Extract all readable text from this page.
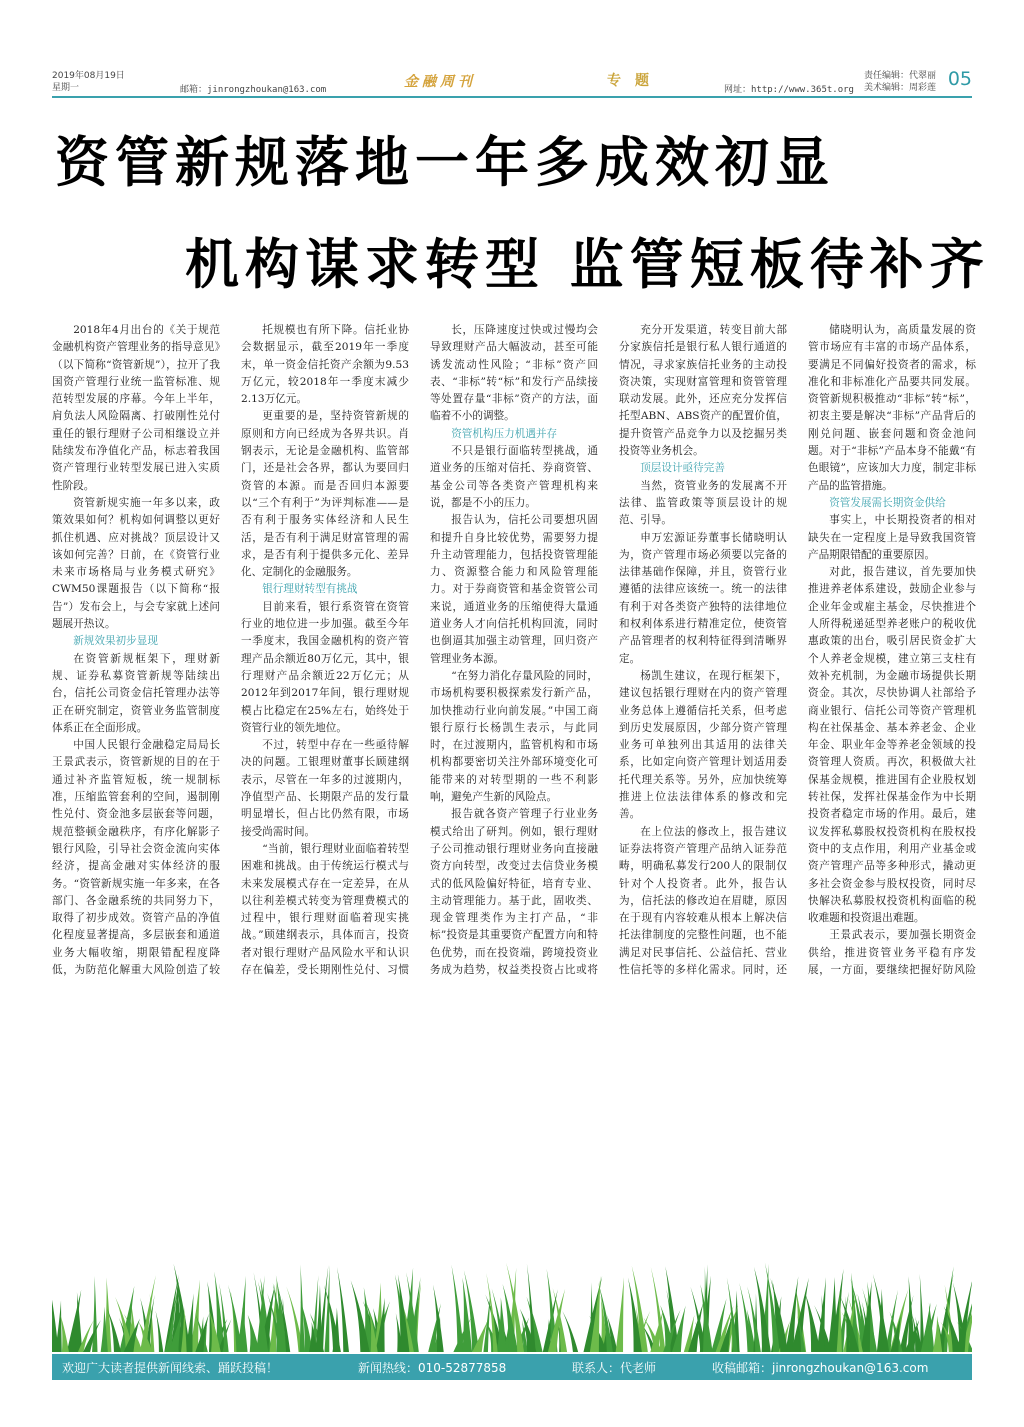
2019年08月19日
星期一	邮箱：jinrongzhoukan@163.com	金融周刊	专题
网址：http://www.365t.org
责任编辑：代翠丽
美术编辑：周彩莲 05
资管新规落地一年多成效初显
机构谋求转型 监管短板待补齐

2018年4月出台的《关于规范金融机构资产管理业务的指导意见》（以下简称“资管新规”），拉开了我国资产管理行业统一监管标准、规范转型发展的序幕。今年上半年，肩负法人风险隔离、打破刚性兑付重任的银行理财子公司相继设立并陆续发布净值化产品，标志着我国资产管理行业转型发展已进入实质性阶段。

资管新规实施一年多以来，政策效果如何？机构如何调整以更好抓住机遇、应对挑战？顶层设计又该如何完善？日前，在《资管行业未来市场格局与业务模式研究》CWM50课题报告（以下简称“报告”）发布会上，与会专家就上述问题展开热议。

新规效果初步显现

在资管新规框架下，理财新规、证券私募资管新规等陆续出台，信托公司资金信托管理办法等正在研究制定，资管业务监管制度体系正在全面形成。

中国人民银行金融稳定局局长王景武表示，资管新规的目的在于通过补齐监管短板，统一规制标准，压缩监管套利的空间，遏制刚性兑付、资金池多层嵌套等问题，规范整顿金融秩序，有序化解影子银行风险，引导社会资金流向实体经济，提高金融对实体经济的服务。“资管新规实施一年多来，在各部门、各金融系统的共同努力下，取得了初步成效。资管产品的净值化程度显著提高，多层嵌套和通道业务大幅收缩，期限错配程度降低，为防范化解重大风险创造了较

托规模也有所下降。信托业协会数据显示，截至2019年一季度末，单一资金信托资产余额为9.53万亿元，较2018年一季度末减少2.13万亿元。

更重要的是，坚持资管新规的原则和方向已经成为各界共识。肖钢表示，无论是金融机构、监管部门，还是社会各界，都认为要回归资管的本源。而是否回归本源要以“三个有利于”为评判标准——是否有利于服务实体经济和人民生活，是否有利于满足财富管理的需求，是否有利于提供多元化、差异化、定制化的金融服务。

银行理财转型有挑战

目前来看，银行系资管在资管行业的地位进一步加强。截至今年一季度末，我国金融机构的资产管理产品余额近80万亿元，其中，银行理财产品余额近22万亿元；从2012年到2017年间，银行理财规模占比稳定在25%左右，始终处于资管行业的领先地位。

不过，转型中存在一些亟待解决的问题。工银理财董事长顾建纲表示，尽管在一年多的过渡期内，净值型产品、长期限产品的发行量明显增长，但占比仍然有限，市场接受尚需时间。

“当前，银行理财业面临着转型困难和挑战。由于传统运行模式与未来发展模式存在一定差异，在从以往利差模式转变为管理费模式的过程中，银行理财面临着现实挑战。”顾建纲表示，具体而言，投资者对银行理财产品风险水平和认识存在偏差，受长期刚性兑付、习惯

长，压降速度过快或过慢均会导致理财产品大幅波动，甚至可能诱发流动性风险；“非标”资产回表、“非标”转“标”和发行产品续接等处置存量“非标”资产的方法，面临着不小的调整。

资管机构压力机遇并存

不只是银行面临转型挑战，通道业务的压缩对信托、券商资管、基金公司等各类资产管理机构来说，都是不小的压力。

报告认为，信托公司要想巩固和提升自身比较优势，需要努力提升主动管理能力，包括投资管理能力、资源整合能力和风险管理能力。对于券商资管和基金资管公司来说，通道业务的压缩使得大量通道业务人才向信托机构回流，同时也倒逼其加强主动管理，回归资产管理业务本源。

“在努力消化存量风险的同时，市场机构要积极探索发行新产品，加快推动行业向前发展。”中国工商银行原行长杨凯生表示，与此同时，在过渡期内，监管机构和市场机构都要密切关注外部环境变化可能带来的对转型期的一些不利影响，避免产生新的风险点。

报告就各资产管理子行业业务模式给出了研判。例如，银行理财子公司推动银行理财业务向直接融资方向转型，改变过去信贷业务模式的低风险偏好特征，培育专业、主动管理能力。基于此，固收类、现金管理类作为主打产品，“非标”投资是其重要资产配置方向和特色优势，而在投资端，跨境投资业务成为趋势，权益类投资占比或将

充分开发渠道，转变目前大部分家族信托是银行私人银行通道的情况，寻求家族信托业务的主动投资决策，实现财富管理和资管管理联动发展。此外，还应充分发挥信托型ABN、ABS资产的配置价值，提升资管产品竞争力以及挖掘另类投资等业务机会。

顶层设计亟待完善

当然，资管业务的发展离不开法律、监管政策等顶层设计的规范、引导。

申万宏源证券董事长储晓明认为，资产管理市场必须要以完备的法律基础作保障，并且，资管行业遵循的法律应该统一。统一的法律有利于对各类资产独特的法律地位和权利体系进行精准定位，使资管产品管理者的权利特征得到清晰界定。

杨凯生建议，在现行框架下，建议包括银行理财在内的资产管理业务总体上遵循信托关系，但考虑到历史发展原因，少部分资产管理业务可单独列出其适用的法律关系，比如定向资产管理计划适用委托代理关系等。另外，应加快统筹推进上位法法律体系的修改和完善。

在上位法的修改上，报告建议证券法将资产管理产品纳入证券范畴，明确私募发行200人的限制仅针对个人投资者。此外，报告认为，信托法的修改迫在眉睫，原因在于现有内容较难从根本上解决信托法律制度的完整性问题，也不能满足对民事信托、公益信托、营业性信托等的多样化需求。同时，还

储晓明认为，高质量发展的资管市场应有丰富的市场产品体系，要满足不同偏好投资者的需求，标准化和非标准化产品要共同发展。资管新规积极推动“非标”转“标”，初衷主要是解决“非标”产品背后的刚兑问题、嵌套问题和资金池问题。对于“非标”产品本身不能戴“有色眼镜”，应该加大力度，制定非标产品的监管措施。

资管发展需长期资金供给

事实上，中长期投资者的相对缺失在一定程度上是导致我国资管产品期限错配的重要原因。

对此，报告建议，首先要加快推进养老体系建设，鼓励企业参与企业年金或雇主基金，尽快推进个人所得税递延型养老账户的税收优惠政策的出台，吸引居民资金扩大个人养老金规模，建立第三支柱有效补充机制，为金融市场提供长期资金。其次，尽快协调人社部给予商业银行、信托公司等资产管理机构在社保基金、基本养老金、企业年金、职业年金等养老金领域的投资管理人资质。再次，积极做大社保基金规模，推进国有企业股权划转社保，发挥社保基金作为中长期投资者稳定市场的作用。最后，建议发挥私募股权投资机构在股权投资中的支点作用，利用产业基金或资产管理产品等多种形式，撬动更多社会资金参与股权投资，同时尽快解决私募股权投资机构面临的税收难题和投资退出难题。

王景武表示，要加强长期资金供给，推进资管业务平稳有序发展，一方面，要继续把握好防风险

欢迎广大读者提供新闻线索、踊跃投稿！	新闻热线：010-52877858	联系人：代老师	收稿邮箱：jinrongzhoukan@163.com
